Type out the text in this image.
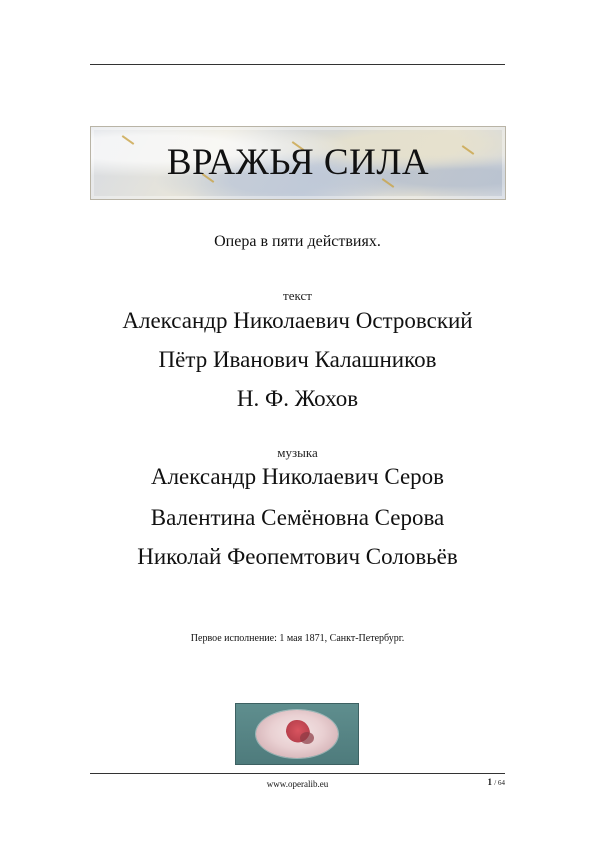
ВРАЖЬЯ СИЛА
Опера в пяти действиях.
текст
Александр Николаевич Островский
Пётр Иванович Калашников
Н. Ф. Жохов
музыка
Александр Николаевич Серов
Валентина Семёновна Серова
Николай Феопемтович Соловьёв
Первое исполнение: 1 мая 1871, Санкт-Петербург.
www.operalib.eu	1 / 64
